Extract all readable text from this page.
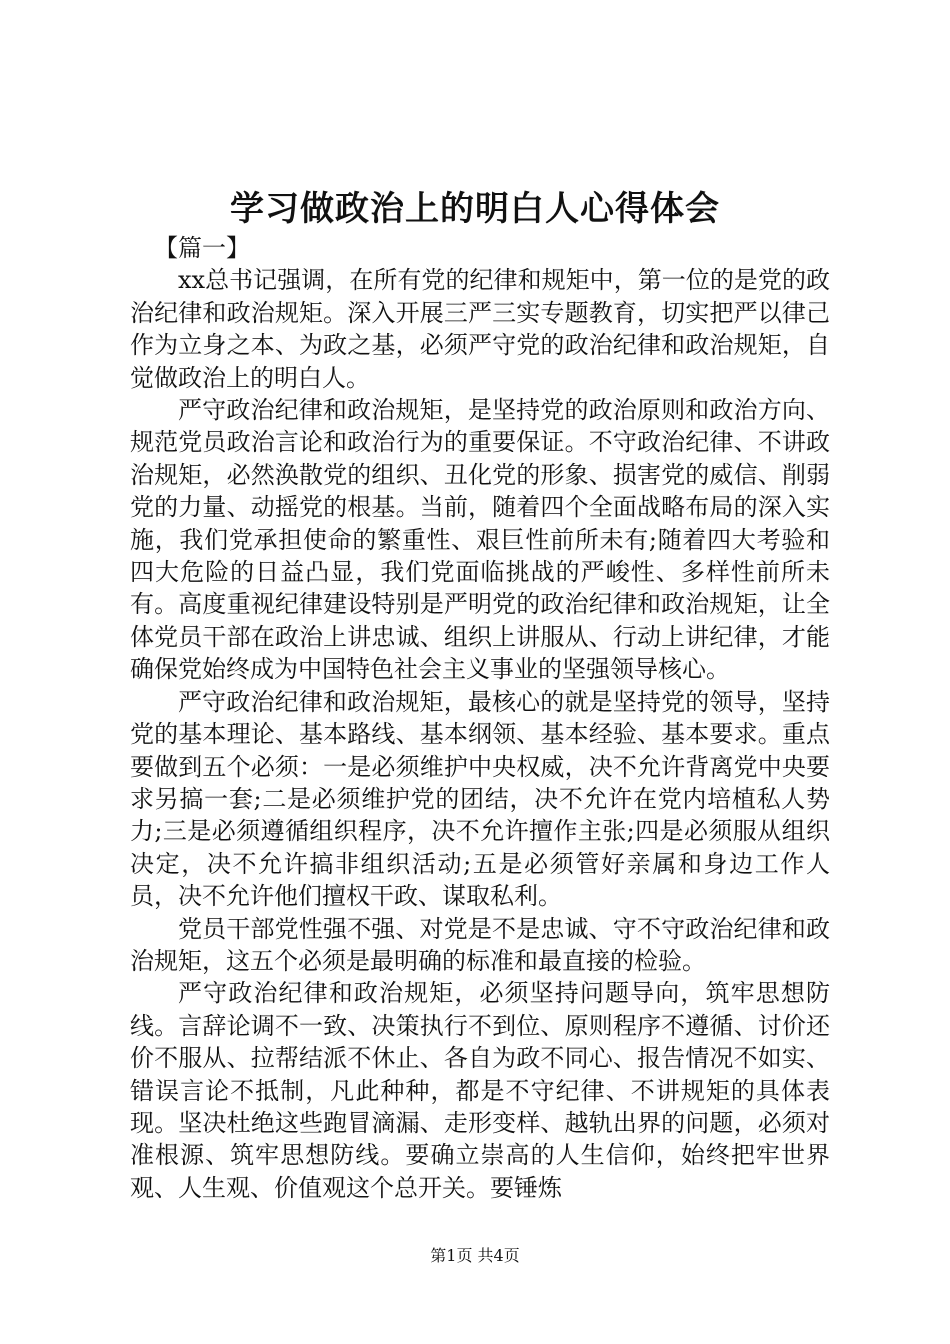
学习做政治上的明白人心得体会

【篇一】

xx总书记强调，在所有党的纪律和规矩中，第一位的是党的政治纪律和政治规矩。深入开展三严三实专题教育，切实把严以律己作为立身之本、为政之基，必须严守党的政治纪律和政治规矩，自觉做政治上的明白人。

严守政治纪律和政治规矩，是坚持党的政治原则和政治方向、规范党员政治言论和政治行为的重要保证。不守政治纪律、不讲政治规矩，必然涣散党的组织、丑化党的形象、损害党的威信、削弱党的力量、动摇党的根基。当前，随着四个全面战略布局的深入实施，我们党承担使命的繁重性、艰巨性前所未有;随着四大考验和四大危险的日益凸显，我们党面临挑战的严峻性、多样性前所未有。高度重视纪律建设特别是严明党的政治纪律和政治规矩，让全体党员干部在政治上讲忠诚、组织上讲服从、行动上讲纪律，才能确保党始终成为中国特色社会主义事业的坚强领导核心。

严守政治纪律和政治规矩，最核心的就是坚持党的领导，坚持党的基本理论、基本路线、基本纲领、基本经验、基本要求。重点要做到五个必须：一是必须维护中央权威，决不允许背离党中央要求另搞一套;二是必须维护党的团结，决不允许在党内培植私人势力;三是必须遵循组织程序，决不允许擅作主张;四是必须服从组织决定，决不允许搞非组织活动;五是必须管好亲属和身边工作人员，决不允许他们擅权干政、谋取私利。

党员干部党性强不强、对党是不是忠诚、守不守政治纪律和政治规矩，这五个必须是最明确的标准和最直接的检验。

严守政治纪律和政治规矩，必须坚持问题导向，筑牢思想防线。言辞论调不一致、决策执行不到位、原则程序不遵循、讨价还价不服从、拉帮结派不休止、各自为政不同心、报告情况不如实、错误言论不抵制，凡此种种，都是不守纪律、不讲规矩的具体表现。坚决杜绝这些跑冒滴漏、走形变样、越轨出界的问题，必须对准根源、筑牢思想防线。要确立崇高的人生信仰，始终把牢世界观、人生观、价值观这个总开关。要锤炼

第1页 共4页
